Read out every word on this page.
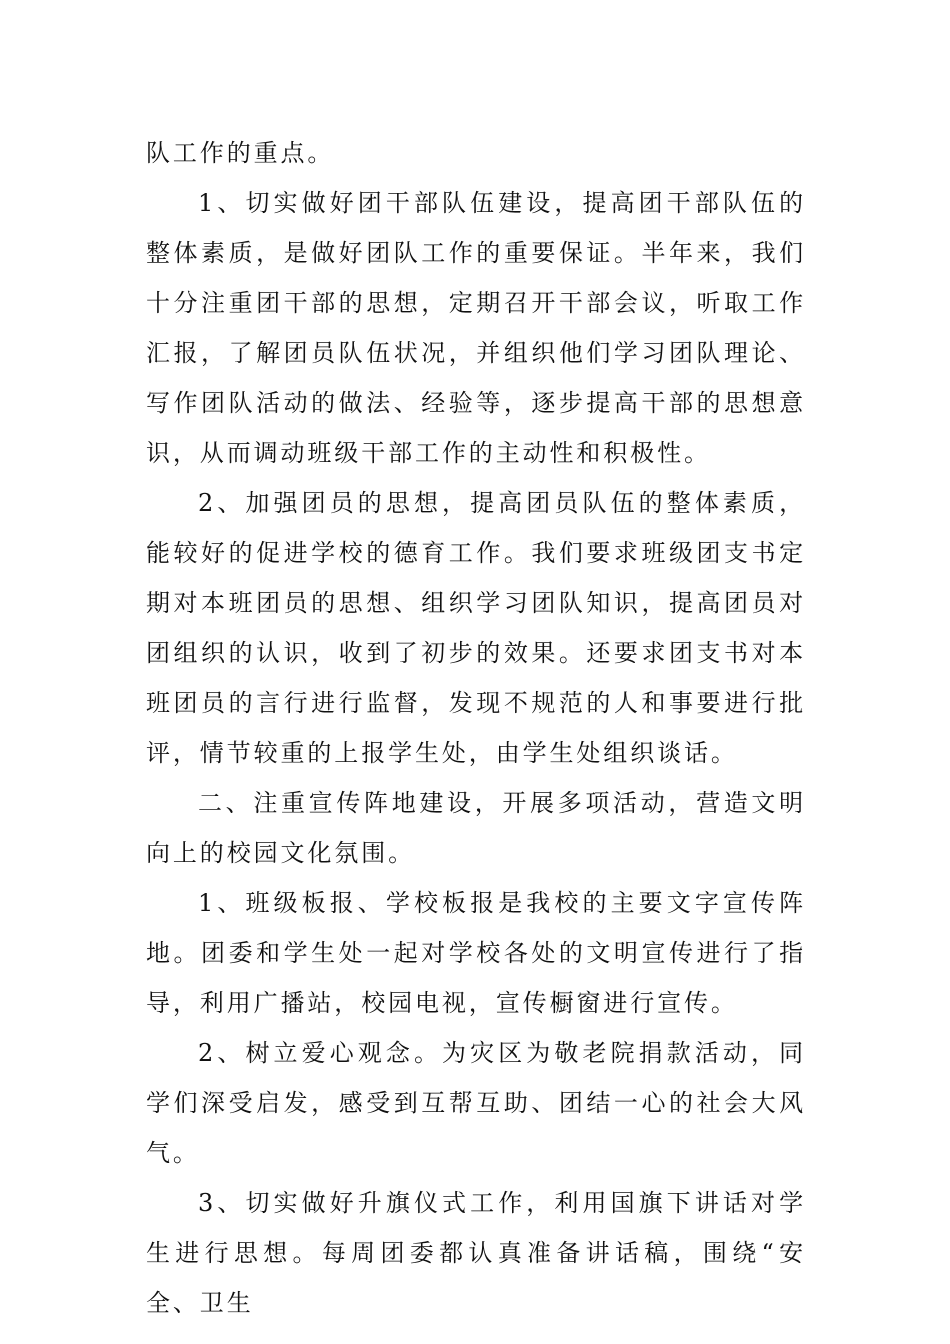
队工作的重点。

1、切实做好团干部队伍建设，提高团干部队伍的整体素质，是做好团队工作的重要保证。半年来，我们十分注重团干部的思想，定期召开干部会议，听取工作汇报，了解团员队伍状况，并组织他们学习团队理论、写作团队活动的做法、经验等，逐步提高干部的思想意识，从而调动班级干部工作的主动性和积极性。

2、加强团员的思想，提高团员队伍的整体素质，能较好的促进学校的德育工作。我们要求班级团支书定期对本班团员的思想、组织学习团队知识，提高团员对团组织的认识，收到了初步的效果。还要求团支书对本班团员的言行进行监督，发现不规范的人和事要进行批评，情节较重的上报学生处，由学生处组织谈话。

二、注重宣传阵地建设，开展多项活动，营造文明向上的校园文化氛围。

1、班级板报、学校板报是我校的主要文字宣传阵地。团委和学生处一起对学校各处的文明宣传进行了指导，利用广播站，校园电视，宣传橱窗进行宣传。

2、树立爱心观念。为灾区为敬老院捐款活动，同学们深受启发，感受到互帮互助、团结一心的社会大风气。

3、切实做好升旗仪式工作，利用国旗下讲话对学生进行思想。每周团委都认真准备讲话稿，围绕“安全、卫生
